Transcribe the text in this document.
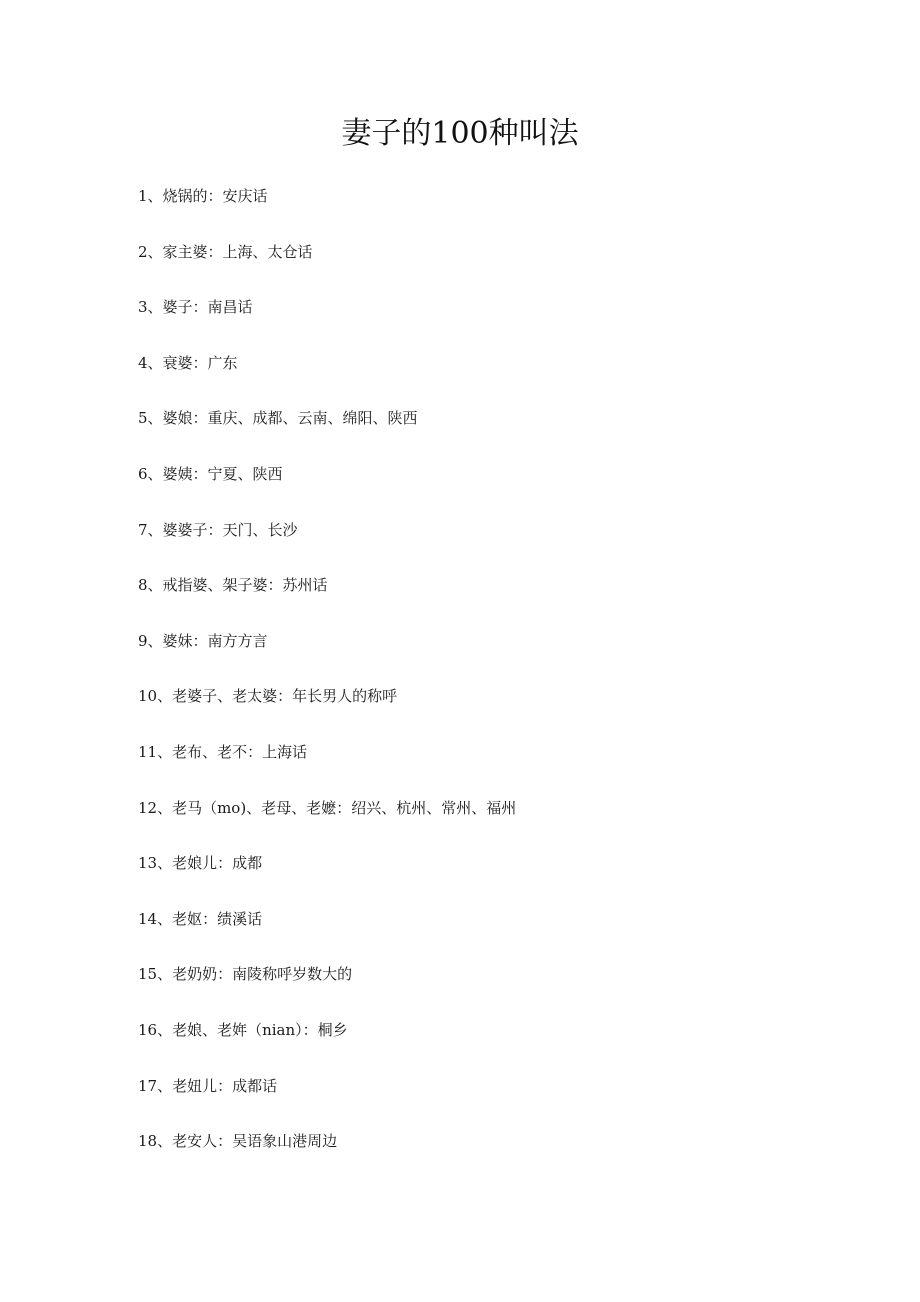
妻子的100种叫法
1、烧锅的：安庆话
2、家主婆：上海、太仓话
3、婆子：南昌话
4、衰婆：广东
5、婆娘：重庆、成都、云南、绵阳、陕西
6、婆姨：宁夏、陕西
7、婆婆子：天门、长沙
8、戒指婆、架子婆：苏州话
9、婆妹：南方方言
10、老婆子、老太婆：年长男人的称呼
11、老布、老不：上海话
12、老马（mo)、老母、老嬷：绍兴、杭州、常州、福州
13、老娘儿：成都
14、老妪：绩溪话
15、老奶奶：南陵称呼岁数大的
16、老娘、老姩（nian）：桐乡
17、老妞儿：成都话
18、老安人：吴语象山港周边
